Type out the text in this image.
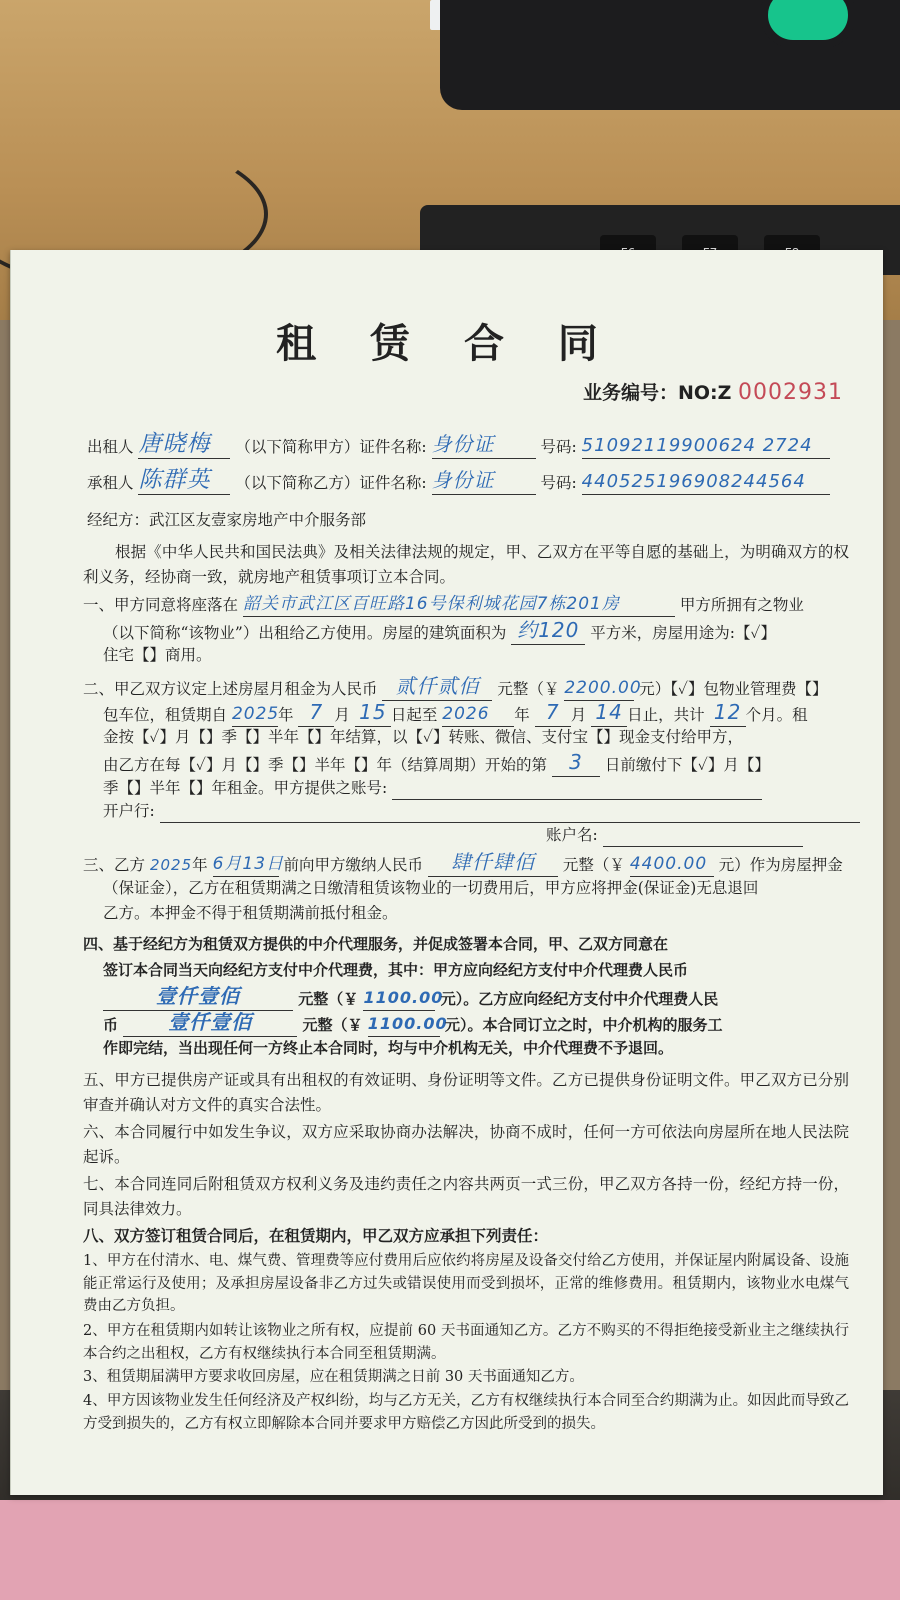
租 赁 合 同
业务编号：NO:Z 0002931
出租人 唐晓梅 （以下简称甲方）证件名称: 身份证	号码: 51092119900624 2724
承租人 陈群英 （以下简称乙方）证件名称: 身份证	号码: 440525196908244564
经纪方：武江区友壹家房地产中介服务部
根据《中华人民共和国民法典》及相关法律法规的规定，甲、乙双方在平等自愿的基础上，为明确双方的权利义务，经协商一致，就房地产租赁事项订立本合同。
一、甲方同意将座落在 韶关市武江区百旺路16号保利城花园7栋201房	甲方所拥有之物业
（以下简称“该物业”）出租给乙方使用。房屋的建筑面积为 约120 平方米，房屋用途为:【✓】
住宅【】商用。
二、甲乙双方议定上述房屋月租金为人民币 贰仟贰佰 元整（￥ 2200.00 元）【✓】包物业管理费【】
包车位，租赁期自 2025年 7 月 15 日起至 2026 年 7 月 14 日止，共计 12 个月。租
金按【✓】月【】季【】半年【】年结算，以【✓】转账、微信、支付宝【】现金支付给甲方，
由乙方在每【✓】月【】季【】半年【】年（结算周期）开始的第 3 日前缴付下【✓】月【】
季【】半年【】年租金。甲方提供之账号:
开户行:
账户名:
三、乙方 2025年 6月13日 前向甲方缴纳人民币 肆仟肆佰 元整（￥ 4400.00 元）作为房屋押金
（保证金），乙方在租赁期满之日缴清租赁该物业的一切费用后，甲方应将押金(保证金)无息退回
乙方。本押金不得于租赁期满前抵付租金。
四、基于经纪方为租赁双方提供的中介代理服务，并促成签署本合同，甲、乙双方同意在
签订本合同当天向经纪方支付中介代理费，其中：甲方应向经纪方支付中介代理费人民币
壹仟壹佰	元整（￥ 1100.00 元）。乙方应向经纪方支付中介代理费人民
币	壹仟壹佰	元整（￥ 1100.00 元）。本合同订立之时，中介机构的服务工
作即完结，当出现任何一方终止本合同时，均与中介机构无关，中介代理费不予退回。
五、甲方已提供房产证或具有出租权的有效证明、身份证明等文件。乙方已提供身份证明文件。甲乙双方已分别审查并确认对方文件的真实合法性。
六、本合同履行中如发生争议，双方应采取协商办法解决，协商不成时，任何一方可依法向房屋所在地人民法院起诉。
七、本合同连同后附租赁双方权利义务及违约责任之内容共两页一式三份，甲乙双方各持一份，经纪方持一份，同具法律效力。
八、双方签订租赁合同后，在租赁期内，甲乙双方应承担下列责任：
1、甲方在付清水、电、煤气费、管理费等应付费用后应依约将房屋及设备交付给乙方使用，并保证屋内附属设备、设施能正常运行及使用；及承担房屋设备非乙方过失或错误使用而受到损坏，正常的维修费用。租赁期内，该物业水电煤气费由乙方负担。
2、甲方在租赁期内如转让该物业之所有权，应提前 60 天书面通知乙方。乙方不购买的不得拒绝接受新业主之继续执行本合约之出租权，乙方有权继续执行本合同至租赁期满。
3、租赁期届满甲方要求收回房屋，应在租赁期满之日前 30 天书面通知乙方。
4、甲方因该物业发生任何经济及产权纠纷，均与乙方无关，乙方有权继续执行本合同至合约期满为止。如因此而导致乙方受到损失的，乙方有权立即解除本合同并要求甲方赔偿乙方因此所受到的损失。
